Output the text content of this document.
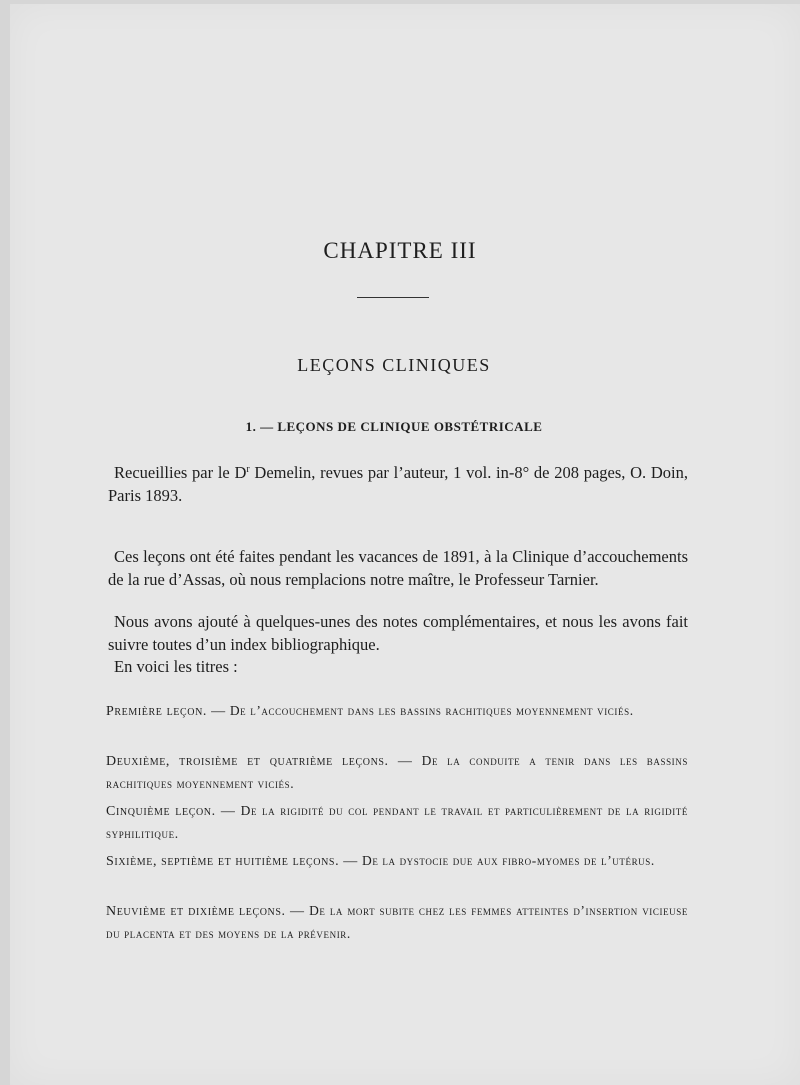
CHAPITRE III
LEÇONS CLINIQUES
1. — LEÇONS DE CLINIQUE OBSTÉTRICALE

Recueillies par le $D^r$ Demelin, revues par l’auteur, 1 vol. in-8° de 208 pages, O. Doin, Paris 1893.

Ces leçons ont été faites pendant les vacances de 1891, à la Clinique d’accouchements de la rue d’Assas, où nous remplacions notre maître, le Professeur Tarnier.

Nous avons ajouté à quelques-unes des notes complémentaires, et nous les avons fait suivre toutes d’un index bibliographique.

En voici les titres :

Première leçon. — De l’accouchement dans les bassins rachitiques moyennement viciés.
Deuxième, troisième et quatrième leçons. — De la conduite a tenir dans les bassins rachitiques moyennement viciés.
Cinquième leçon. — De la rigidité du col pendant le travail et particulièrement de la rigidité syphilitique.
Sixième, septième et huitième leçons. — De la dystocie due aux fibro-myomes de l’utérus.
Neuvième et dixième leçons. — De la mort subite chez les femmes atteintes d’insertion vicieuse du placenta et des moyens de la prévenir.
